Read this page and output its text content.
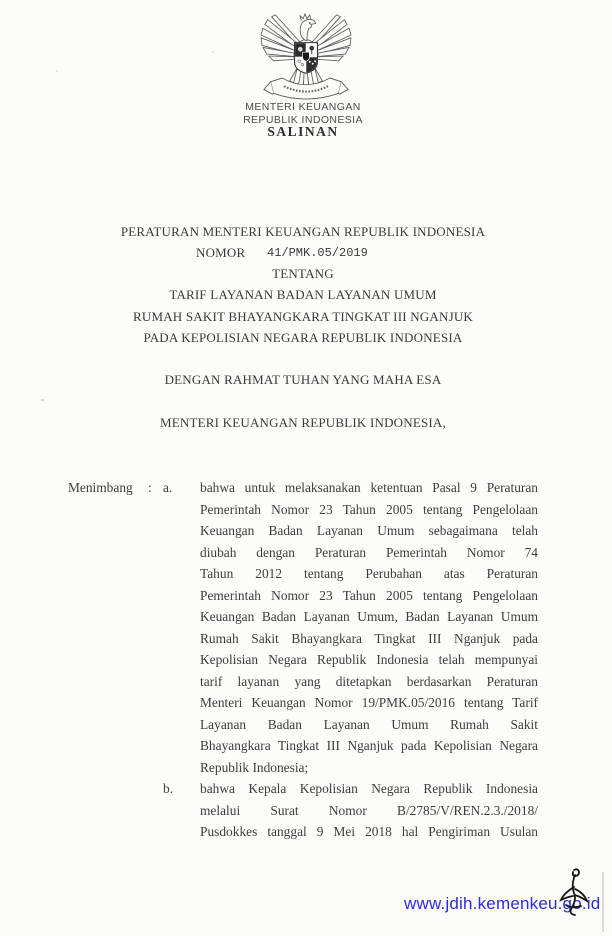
MENTERI KEUANGAN
REPUBLIK INDONESIA
SALINAN
PERATURAN MENTERI KEUANGAN REPUBLIK INDONESIA
NOMOR 41/PMK.05/2019
TENTANG
TARIF LAYANAN BADAN LAYANAN UMUM
RUMAH SAKIT BHAYANGKARA TINGKAT III NGANJUK
PADA KEPOLISIAN NEGARA REPUBLIK INDONESIA
DENGAN RAHMAT TUHAN YANG MAHA ESA
MENTERI KEUANGAN REPUBLIK INDONESIA,
Menimbang : a. bahwa untuk melaksanakan ketentuan Pasal 9 Peraturan
Pemerintah Nomor 23 Tahun 2005 tentang Pengelolaan
Keuangan Badan Layanan Umum sebagaimana telah
diubah dengan Peraturan Pemerintah Nomor 74
Tahun 2012 tentang Perubahan atas Peraturan
Pemerintah Nomor 23 Tahun 2005 tentang Pengelolaan
Keuangan Badan Layanan Umum, Badan Layanan Umum
Rumah Sakit Bhayangkara Tingkat III Nganjuk pada
Kepolisian Negara Republik Indonesia telah mempunyai
tarif layanan yang ditetapkan berdasarkan Peraturan
Menteri Keuangan Nomor 19/PMK.05/2016 tentang Tarif
Layanan Badan Layanan Umum Rumah Sakit
Bhayangkara Tingkat III Nganjuk pada Kepolisian Negara
Republik Indonesia;
b. bahwa Kepala Kepolisian Negara Republik Indonesia
melalui Surat Nomor B/2785/V/REN.2.3./2018/
Pusdokkes tanggal 9 Mei 2018 hal Pengiriman Usulan
www.jdih.kemenkeu.go.id
